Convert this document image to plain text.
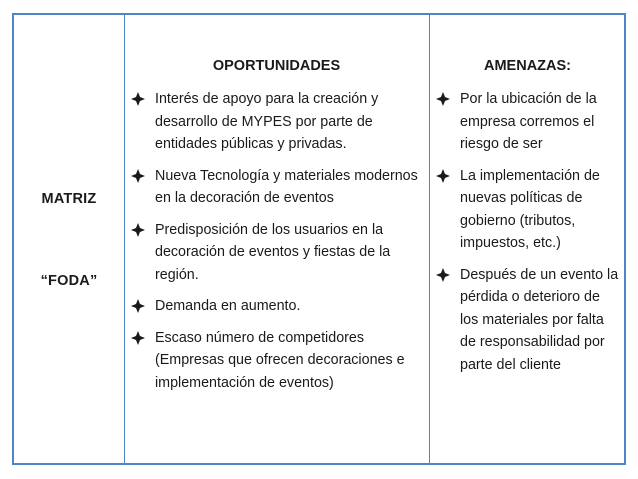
MATRIZ
“FODA”
OPORTUNIDADES	AMENAZAS:
Interés de apoyo para la creación y desarrollo de MYPES por parte de entidades públicas y privadas.
Nueva Tecnología y materiales modernos en la decoración de eventos
Predisposición de los usuarios en la decoración de eventos y fiestas de la región.
Demanda en aumento.
Escaso número de competidores (Empresas que ofrecen decoraciones e implementación de eventos)
Por la ubicación de la empresa corremos el riesgo de ser
La implementación de nuevas políticas de gobierno (tributos, impuestos, etc.)
Después de un evento la pérdida o deterioro de los materiales por falta de responsabilidad por parte del cliente
